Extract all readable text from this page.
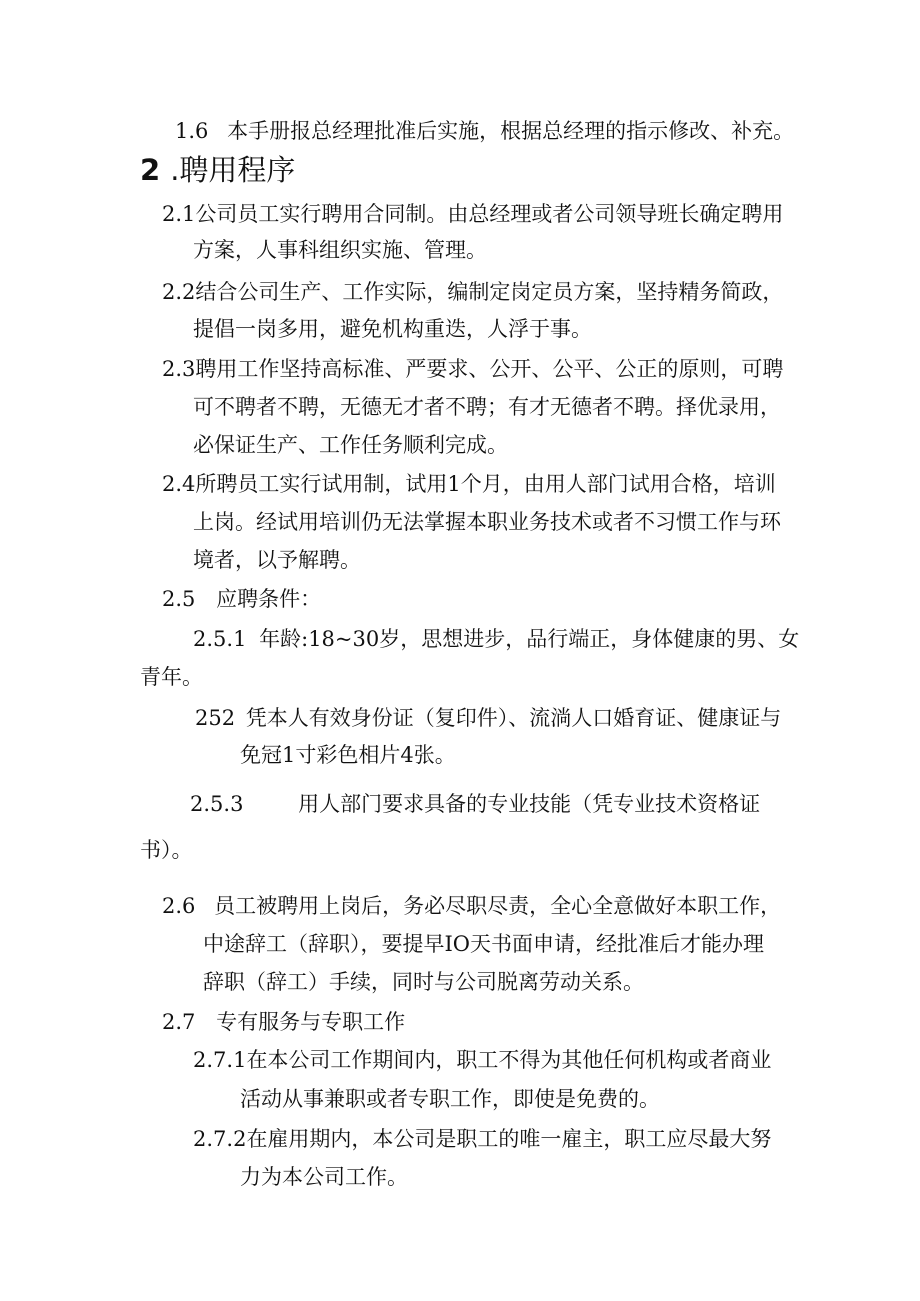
1.6 本手册报总经理批准后实施，根据总经理的指示修改、补充。
2 .聘用程序
2.1公司员工实行聘用合同制。由总经理或者公司领导班长确定聘用
方案，人事科组织实施、管理。
2.2结合公司生产、工作实际，编制定岗定员方案，坚持精务简政，
提倡一岗多用，避免机构重迭，人浮于事。
2.3聘用工作坚持高标准、严要求、公开、公平、公正的原则，可聘
可不聘者不聘，无德无才者不聘；有才无德者不聘。择优录用，
必保证生产、工作任务顺利完成。
2.4所聘员工实行试用制，试用1个月，由用人部门试用合格，培训
上岗。经试用培训仍无法掌握本职业务技术或者不习惯工作与环
境者，以予解聘。
2.5 应聘条件：
2.5.1 年龄:18~30岁，思想进步，品行端正，身体健康的男、女
青年。
252 凭本人有效身份证（复印件）、流淌人口婚育证、健康证与
免冠1寸彩色相片4张。
2.5.3	用人部门要求具备的专业技能（凭专业技术资格证
书）。
2.6 员工被聘用上岗后，务必尽职尽责，全心全意做好本职工作，
中途辞工（辞职），要提早IO天书面申请，经批准后才能办理
辞职（辞工）手续，同时与公司脱离劳动关系。
2.7 专有服务与专职工作
2.7.1在本公司工作期间内，职工不得为其他任何机构或者商业
活动从事兼职或者专职工作，即使是免费的。
2.7.2在雇用期内，本公司是职工的唯一雇主，职工应尽最大努
力为本公司工作。
